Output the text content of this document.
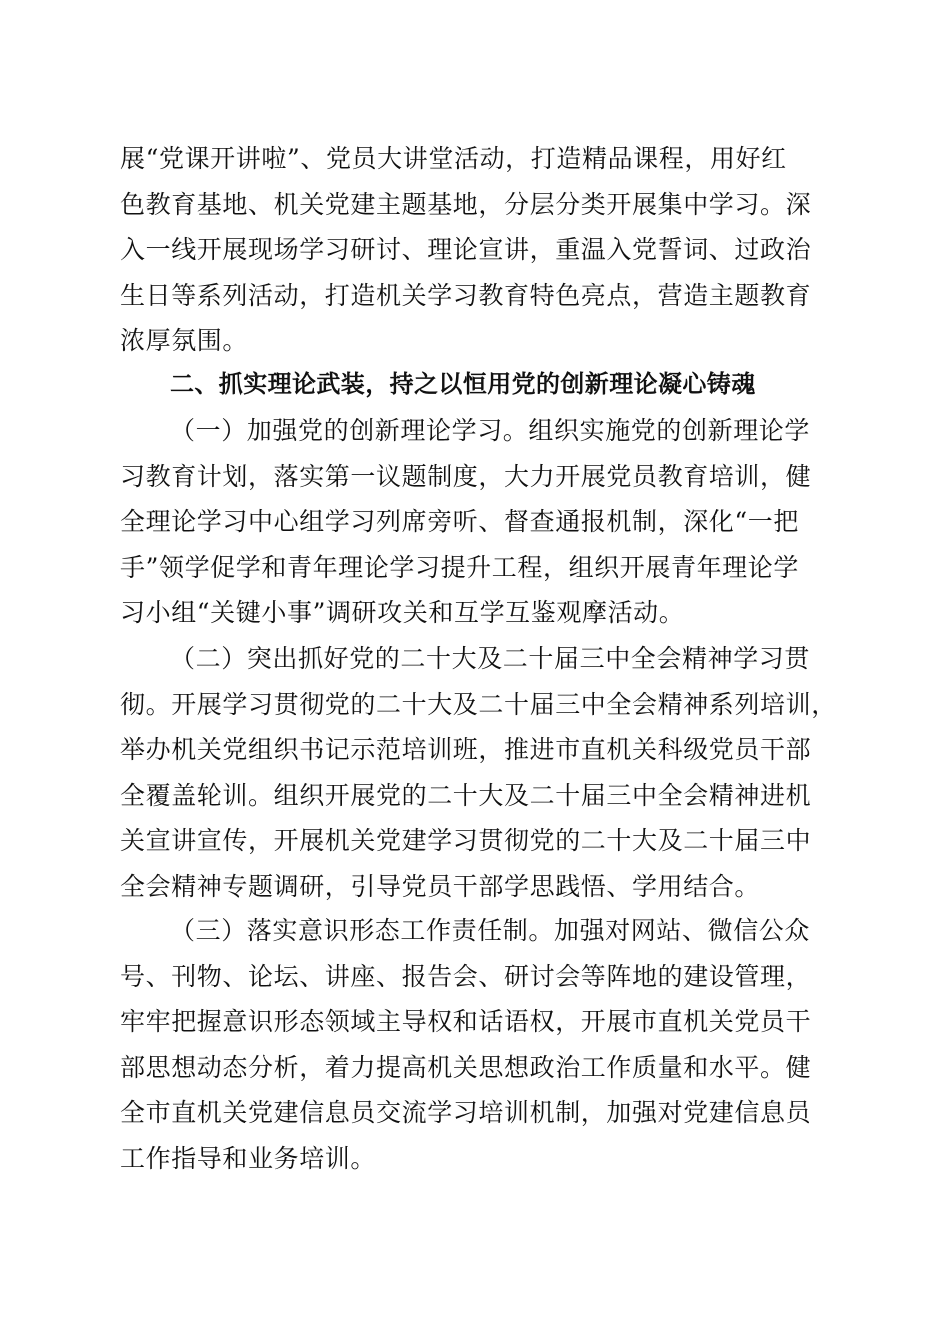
展“党课开讲啦”、党员大讲堂活动，打造精品课程，用好红
色教育基地、机关党建主题基地，分层分类开展集中学习。深
入一线开展现场学习研讨、理论宣讲，重温入党誓词、过政治
生日等系列活动，打造机关学习教育特色亮点，营造主题教育
浓厚氛围。
二、抓实理论武装，持之以恒用党的创新理论凝心铸魂
（一）加强党的创新理论学习。组织实施党的创新理论学
习教育计划，落实第一议题制度，大力开展党员教育培训，健
全理论学习中心组学习列席旁听、督查通报机制，深化“一把
手”领学促学和青年理论学习提升工程，组织开展青年理论学
习小组“关键小事”调研攻关和互学互鉴观摩活动。
（二）突出抓好党的二十大及二十届三中全会精神学习贯
彻。开展学习贯彻党的二十大及二十届三中全会精神系列培训，
举办机关党组织书记示范培训班，推进市直机关科级党员干部
全覆盖轮训。组织开展党的二十大及二十届三中全会精神进机
关宣讲宣传，开展机关党建学习贯彻党的二十大及二十届三中
全会精神专题调研，引导党员干部学思践悟、学用结合。
（三）落实意识形态工作责任制。加强对网站、微信公众
号、刊物、论坛、讲座、报告会、研讨会等阵地的建设管理，
牢牢把握意识形态领域主导权和话语权，开展市直机关党员干
部思想动态分析，着力提高机关思想政治工作质量和水平。健
全市直机关党建信息员交流学习培训机制，加强对党建信息员
工作指导和业务培训。
